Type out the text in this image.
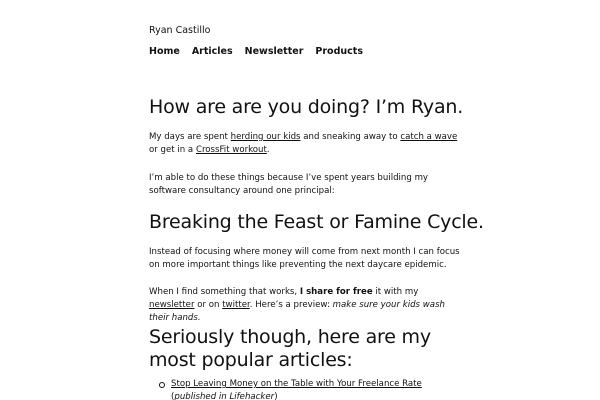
Ryan Castillo
Home Articles Newsletter Products
How are are you doing? I’m Ryan.

My days are spent herding our kids and sneaking away to catch a wave or get in a CrossFit workout.

I’m able to do these things because I’ve spent years building my software consultancy around one principal:

Breaking the Feast or Famine Cycle.

Instead of focusing where money will come from next month I can focus on more important things like preventing the next daycare epidemic.

When I find something that works, I share for free it with my newsletter or on twitter. Here’s a preview: make sure your kids wash their hands.

Seriously though, here are my most popular articles:
Stop Leaving Money on the Table with Your Freelance Rate (published in Lifehacker)
